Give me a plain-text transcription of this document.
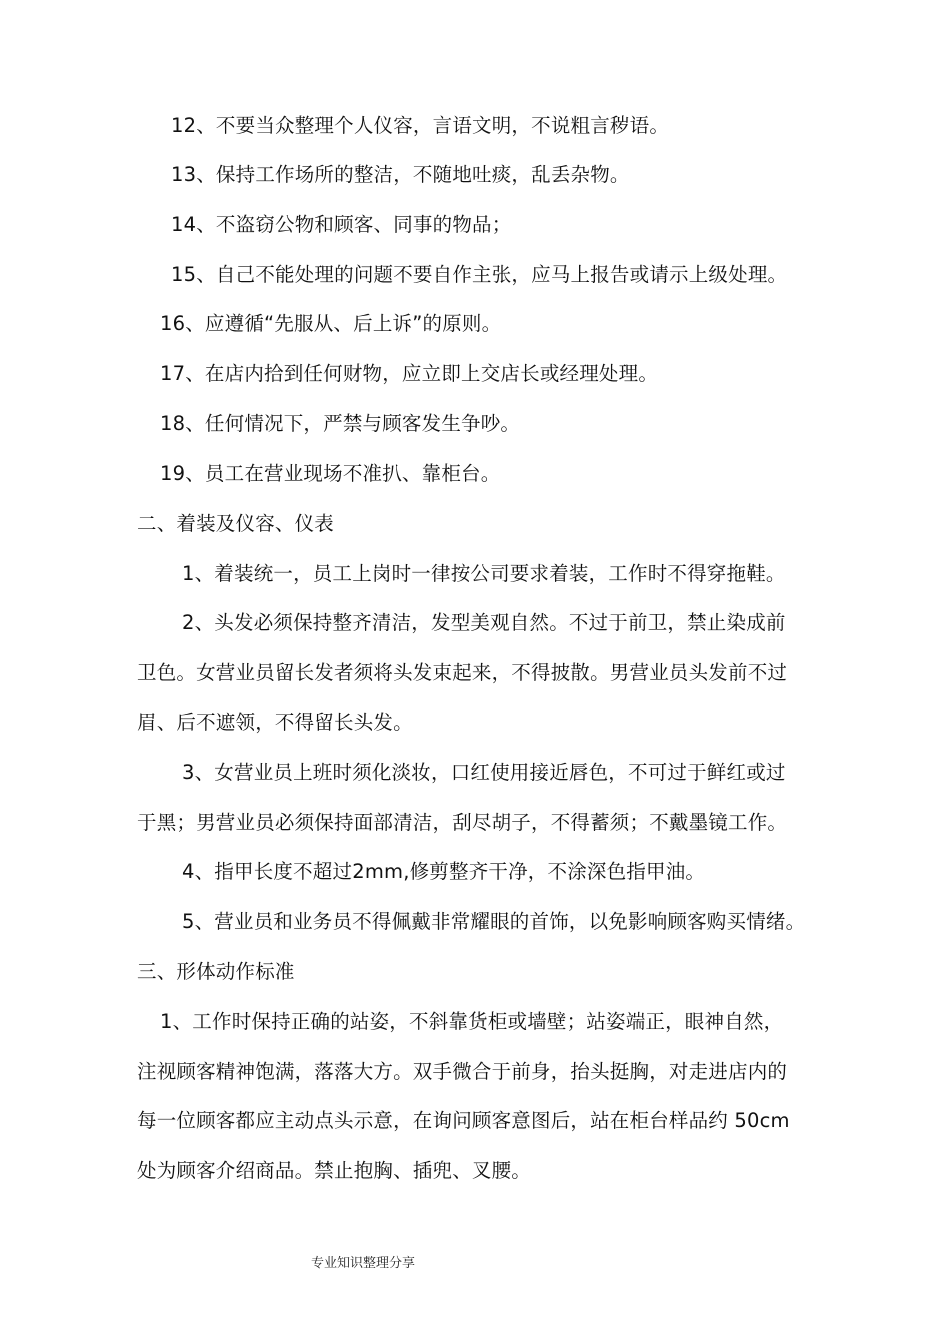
12、不要当众整理个人仪容，言语文明，不说粗言秽语。
13、保持工作场所的整洁，不随地吐痰，乱丢杂物。
14、不盗窃公物和顾客、同事的物品；
15、自己不能处理的问题不要自作主张，应马上报告或请示上级处理。
16、应遵循“先服从、后上诉”的原则。
17、在店内拾到任何财物，应立即上交店长或经理处理。
18、任何情况下，严禁与顾客发生争吵。
19、员工在营业现场不准扒、靠柜台。
二、着装及仪容、仪表
1、着装统一，员工上岗时一律按公司要求着装，工作时不得穿拖鞋。
2、头发必须保持整齐清洁，发型美观自然。不过于前卫，禁止染成前
卫色。女营业员留长发者须将头发束起来，不得披散。男营业员头发前不过
眉、后不遮领，不得留长头发。
3、女营业员上班时须化淡妆，口红使用接近唇色，不可过于鲜红或过
于黑；男营业员必须保持面部清洁，刮尽胡子，不得蓄须；不戴墨镜工作。
4、指甲长度不超过2mm,修剪整齐干净，不涂深色指甲油。
5、营业员和业务员不得佩戴非常耀眼的首饰，以免影响顾客购买情绪。
三、形体动作标准
1、工作时保持正确的站姿，不斜靠货柜或墙壁；站姿端正，眼神自然，
注视顾客精神饱满，落落大方。双手微合于前身，抬头挺胸，对走进店内的
每一位顾客都应主动点头示意，在询问顾客意图后，站在柜台样品约 50cm
处为顾客介绍商品。禁止抱胸、插兜、叉腰。
专业知识整理分享
